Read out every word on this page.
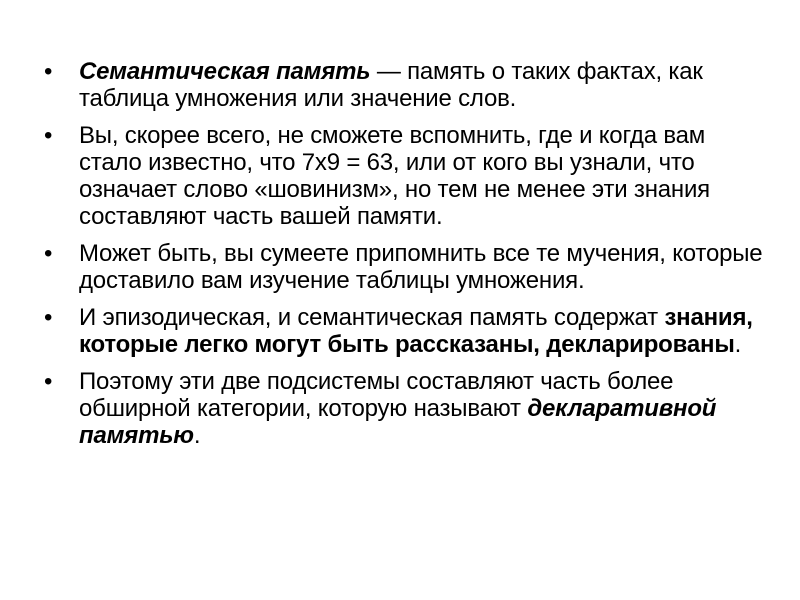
•	Семантическая память — память о таких фактах, как таблица умножения или значение слов.
•	Вы, скорее всего, не сможете вспомнить, где и когда вам стало известно, что 7x9 = 63, или от кого вы узнали, что означает слово «шовинизм», но тем не менее эти знания составляют часть вашей памяти.
•	Может быть, вы сумеете припомнить все те мучения, которые доставило вам изучение таблицы умножения.
•	И эпизодическая, и семантическая память содержат знания, которые легко могут быть рассказаны, декларированы.
•	Поэтому эти две подсистемы составляют часть более обширной категории, которую называют декларативной памятью.
